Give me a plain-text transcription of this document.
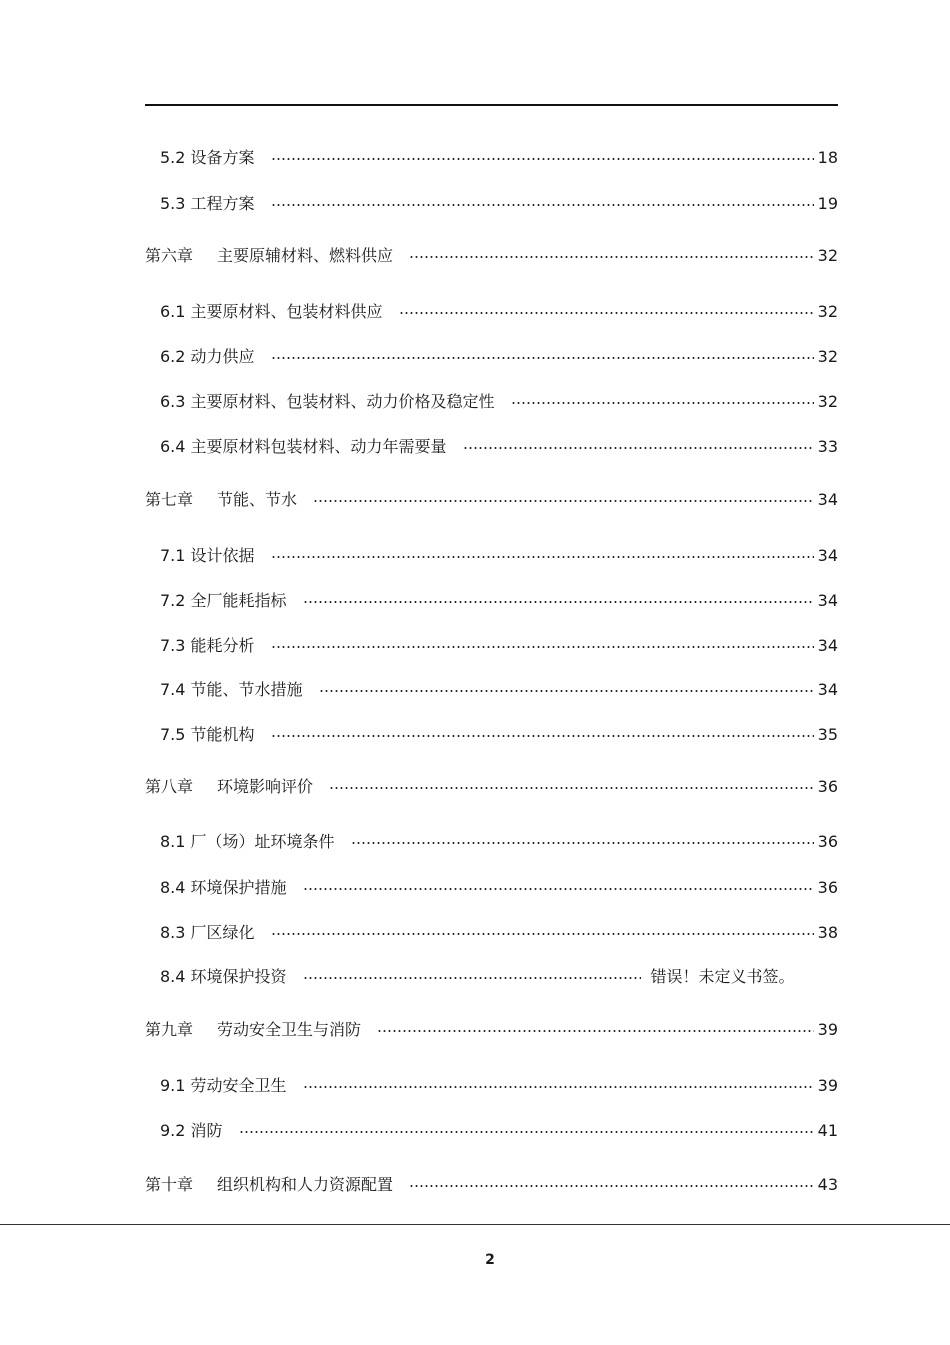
5.2 设备方案	18
5.3 工程方案	19
第六章 主要原辅材料、燃料供应	32
6.1 主要原材料、包装材料供应	32
6.2 动力供应	32
6.3 主要原材料、包装材料、动力价格及稳定性	32
6.4 主要原材料包装材料、动力年需要量	33
第七章 节能、节水	34
7.1 设计依据	34
7.2 全厂能耗指标	34
7.3 能耗分析	34
7.4 节能、节水措施	34
7.5 节能机构	35
第八章 环境影响评价	36
8.1 厂（场）址环境条件	36
8.4 环境保护措施	36
8.3 厂区绿化	38
8.4 环境保护投资	错误！未定义书签。
第九章 劳动安全卫生与消防	39
9.1 劳动安全卫生	39
9.2 消防	41
第十章 组织机构和人力资源配置	43
2
